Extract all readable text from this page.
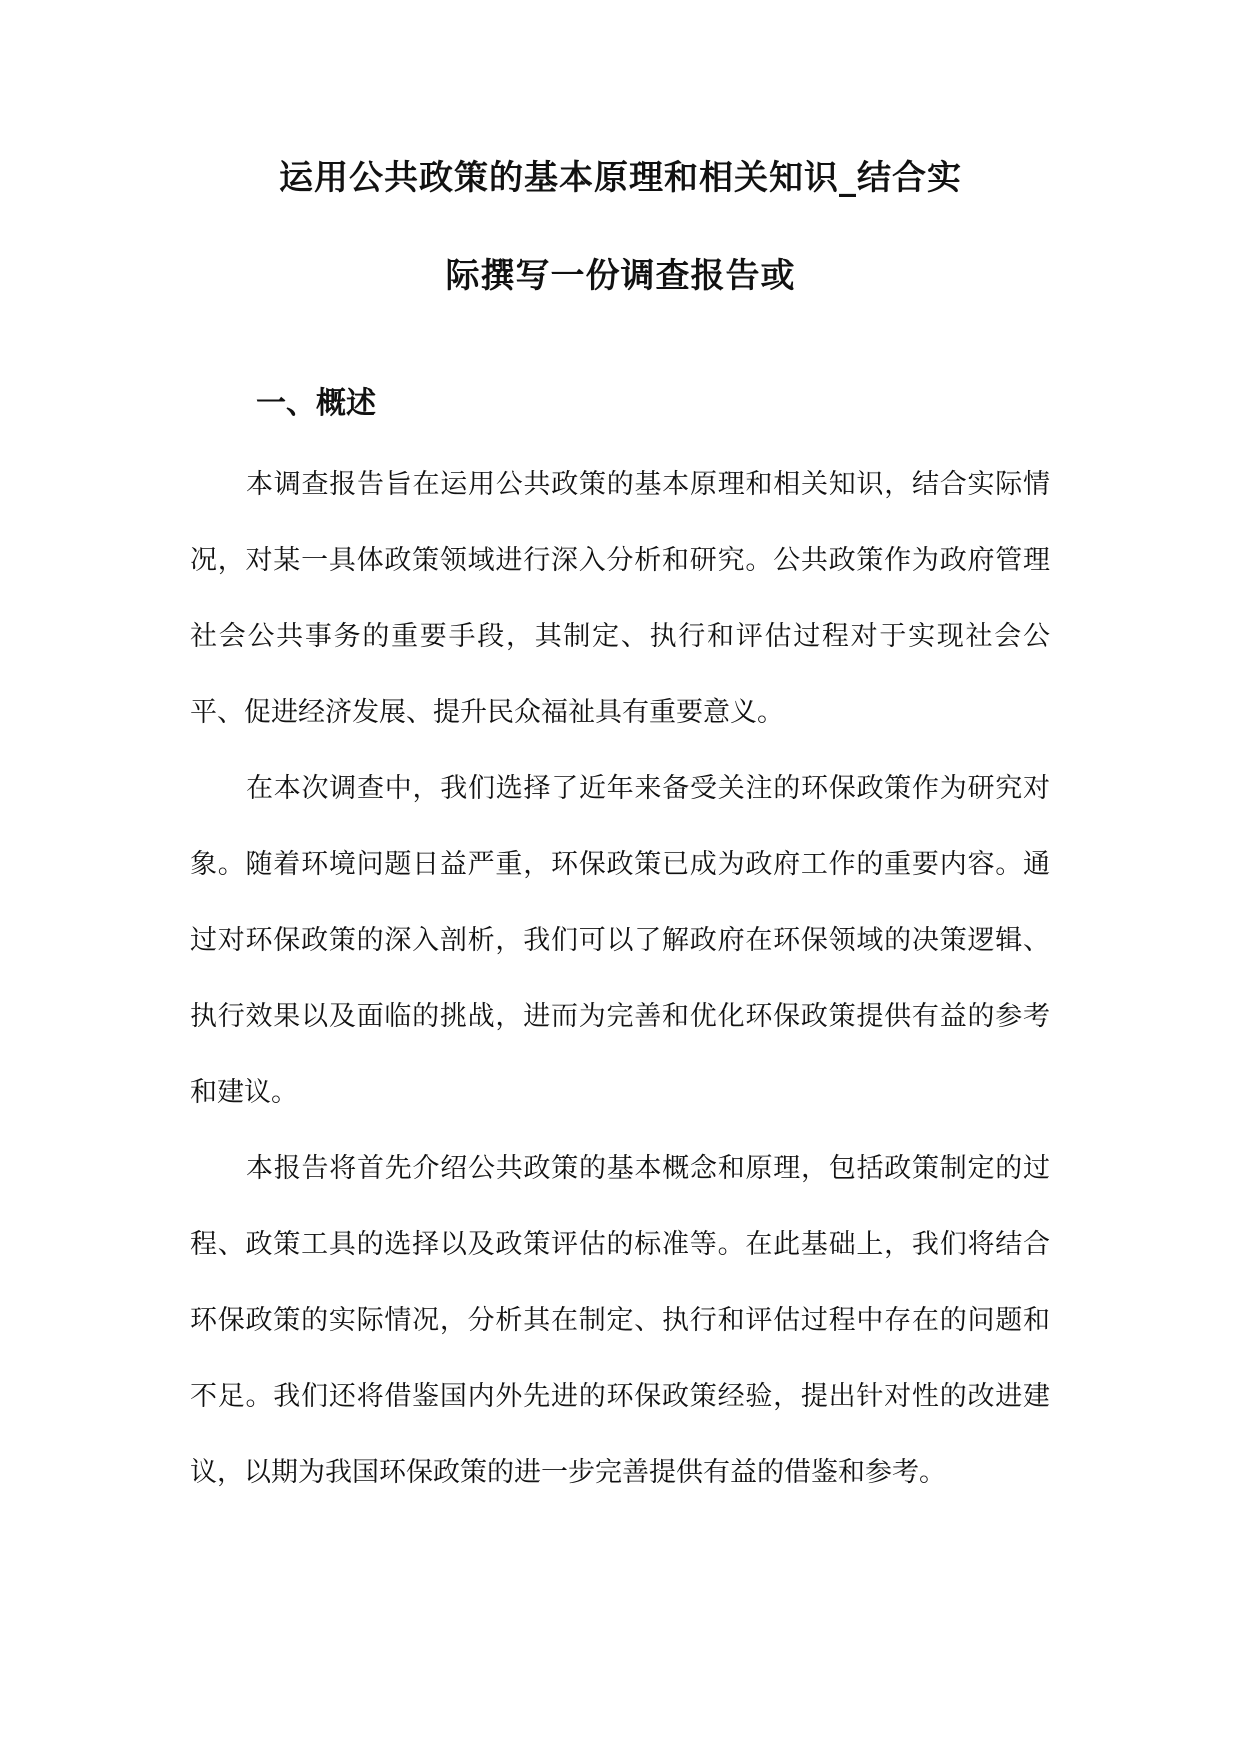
运用公共政策的基本原理和相关知识_结合实
际撰写一份调查报告或
一、概述

本调查报告旨在运用公共政策的基本原理和相关知识，结合实际情况，对某一具体政策领域进行深入分析和研究。公共政策作为政府管理社会公共事务的重要手段，其制定、执行和评估过程对于实现社会公平、促进经济发展、提升民众福祉具有重要意义。

在本次调查中，我们选择了近年来备受关注的环保政策作为研究对象。随着环境问题日益严重，环保政策已成为政府工作的重要内容。通过对环保政策的深入剖析，我们可以了解政府在环保领域的决策逻辑、执行效果以及面临的挑战，进而为完善和优化环保政策提供有益的参考和建议。

本报告将首先介绍公共政策的基本概念和原理，包括政策制定的过程、政策工具的选择以及政策评估的标准等。在此基础上，我们将结合环保政策的实际情况，分析其在制定、执行和评估过程中存在的问题和不足。我们还将借鉴国内外先进的环保政策经验，提出针对性的改进建议，以期为我国环保政策的进一步完善提供有益的借鉴和参考。
